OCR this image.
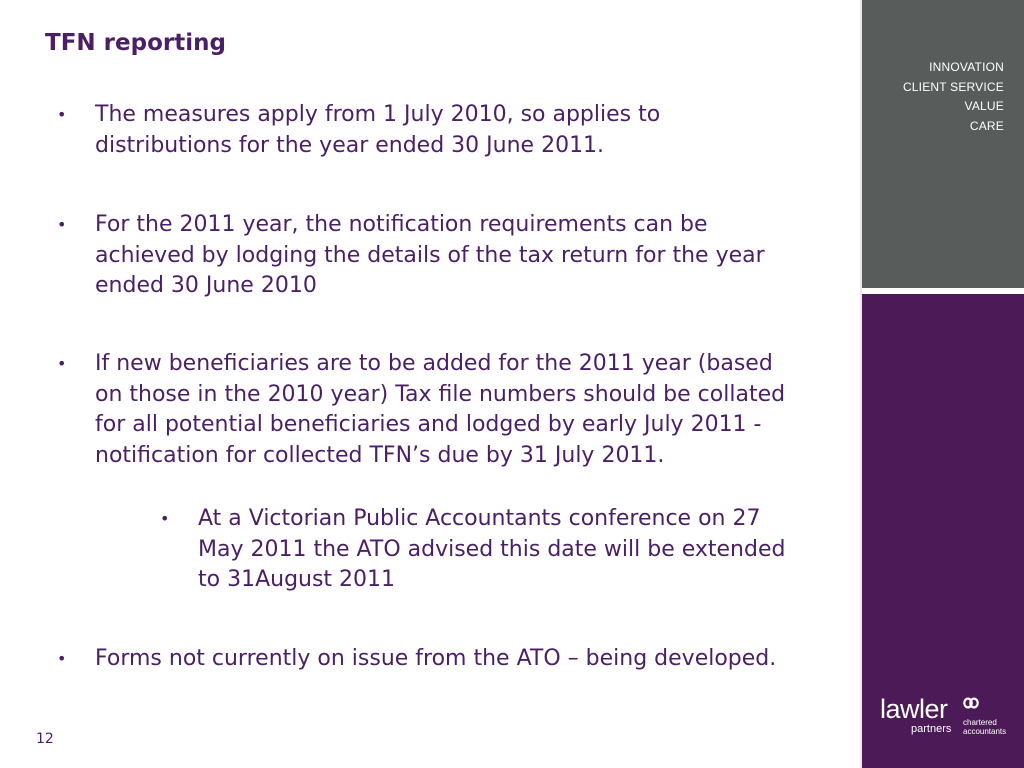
TFN reporting
• The measures apply from 1 July 2010, so applies to distributions for the year ended 30 June 2011.
• For the 2011 year, the notification requirements can be achieved by lodging the details of the tax return for the year ended 30 June 2010
• If new beneficiaries are to be added for the 2011 year (based on those in the 2010 year) Tax file numbers should be collated for all potential beneficiaries and lodged by early July 2011 - notification for collected TFN’s due by 31 July 2011.
• At a Victorian Public Accountants conference on 27 May 2011 the ATO advised this date will be extended to 31August 2011
• Forms not currently on issue from the ATO – being developed.
12
INNOVATION
CLIENT SERVICE
VALUE
CARE
lawler
partners
chartered
accountants
